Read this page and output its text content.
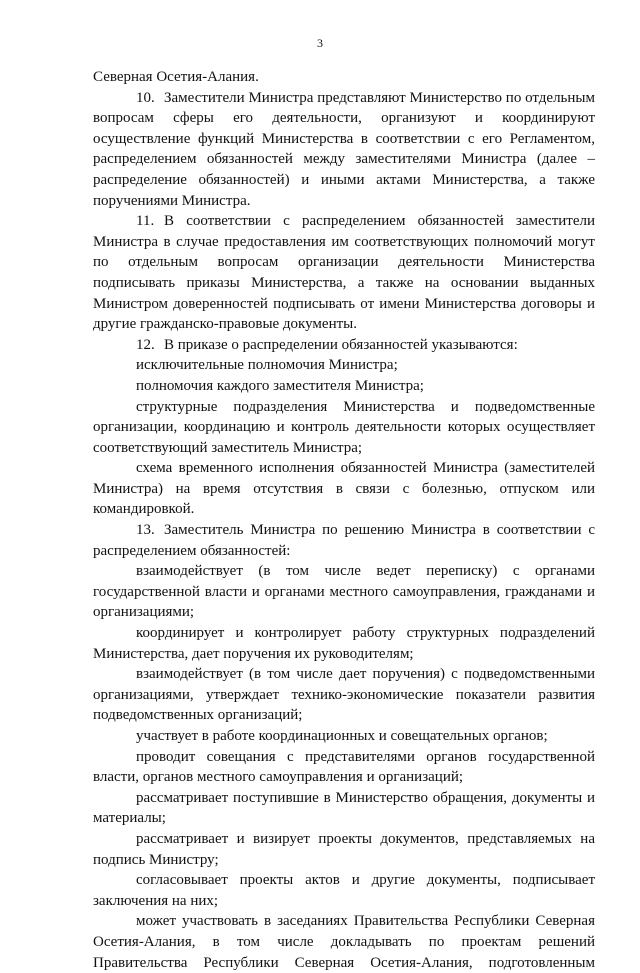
3

Северная Осетия-Алания.

10. Заместители Министра представляют Министерство по отдельным вопросам сферы его деятельности, организуют и координируют осуществление функций Министерства в соответствии с его Регламентом, распределением обязанностей между заместителями Министра (далее – распределение обязанностей) и иными актами Министерства, а также поручениями Министра.

11. В соответствии с распределением обязанностей заместители Министра в случае предоставления им соответствующих полномочий могут по отдельным вопросам организации деятельности Министерства подписывать приказы Министерства, а также на основании выданных Министром доверенностей подписывать от имени Министерства договоры и другие гражданско-правовые документы.

12. В приказе о распределении обязанностей указываются:

исключительные полномочия Министра;

полномочия каждого заместителя Министра;

структурные подразделения Министерства и подведомственные организации, координацию и контроль деятельности которых осуществляет соответствующий заместитель Министра;

схема временного исполнения обязанностей Министра (заместителей Министра) на время отсутствия в связи с болезнью, отпуском или командировкой.

13. Заместитель Министра по решению Министра в соответствии с распределением обязанностей:

взаимодействует (в том числе ведет переписку) с органами государственной власти и органами местного самоуправления, гражданами и организациями;

координирует и контролирует работу структурных подразделений Министерства, дает поручения их руководителям;

взаимодействует (в том числе дает поручения) с подведомственными организациями, утверждает технико-экономические показатели развития подведомственных организаций;

участвует в работе координационных и совещательных органов;

проводит совещания с представителями органов государственной власти, органов местного самоуправления и организаций;

рассматривает поступившие в Министерство обращения, документы и материалы;

рассматривает и визирует проекты документов, представляемых на подпись Министру;

согласовывает проекты актов и другие документы, подписывает заключения на них;

может участвовать в заседаниях Правительства Республики Северная Осетия-Алания, в том числе докладывать по проектам решений Правительства Республики Северная Осетия-Алания, подготовленным
